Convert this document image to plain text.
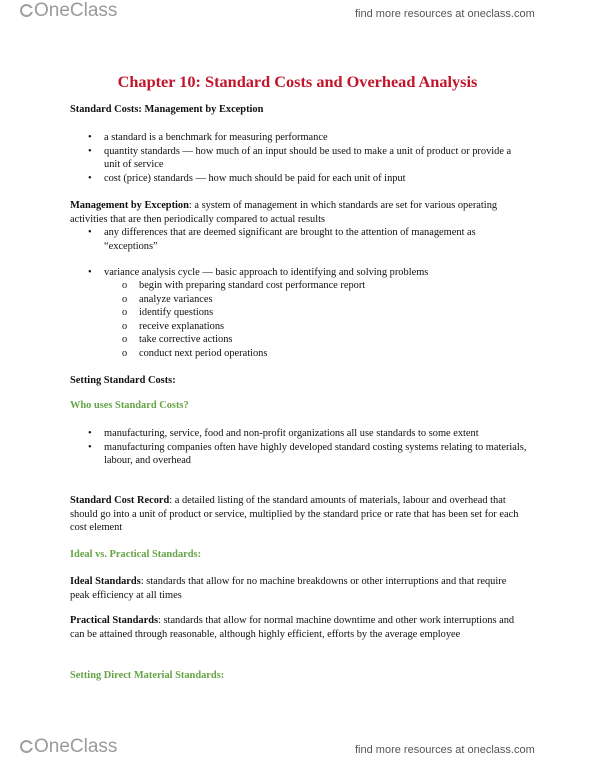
OneClass	find more resources at oneclass.com
Chapter 10: Standard Costs and Overhead Analysis
Standard Costs: Management by Exception
• a standard is a benchmark for measuring performance
• quantity standards — how much of an input should be used to make a unit of product or provide a unit of service
• cost (price) standards — how much should be paid for each unit of input

Management by Exception: a system of management in which standards are set for various operating activities that are then periodically compared to actual results

• any differences that are deemed significant are brought to the attention of management as “exceptions”
• variance analysis cycle — basic approach to identifying and solving problems
o begin with preparing standard cost performance report
o analyze variances
o identify questions
o receive explanations
o take corrective actions
o conduct next period operations
Setting Standard Costs:
Who uses Standard Costs?
• manufacturing, service, food and non-profit organizations all use standards to some extent
• manufacturing companies often have highly developed standard costing systems relating to materials, labour, and overhead

Standard Cost Record: a detailed listing of the standard amounts of materials, labour and overhead that should go into a unit of product or service, multiplied by the standard price or rate that has been set for each cost element

Ideal vs. Practical Standards:

Ideal Standards: standards that allow for no machine breakdowns or other interruptions and that require peak efficiency at all times

Practical Standards: standards that allow for normal machine downtime and other work interruptions and can be attained through reasonable, although highly efficient, efforts by the average employee

Setting Direct Material Standards:
OneClass	find more resources at oneclass.com
